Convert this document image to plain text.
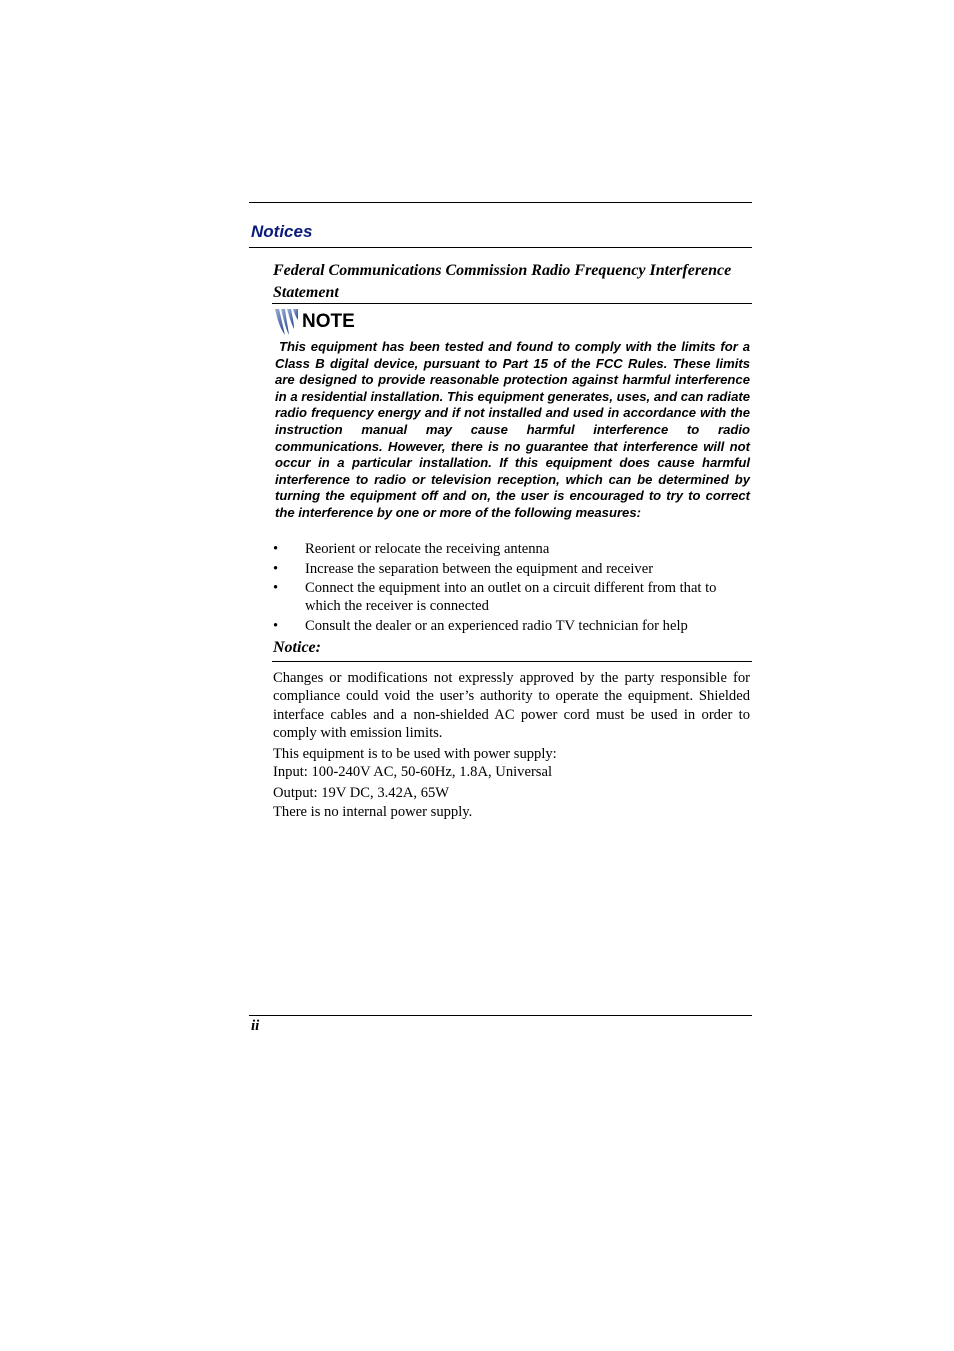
Notices
Federal Communications Commission Radio Frequency Interference Statement
NOTE
This equipment has been tested and found to comply with the limits for a Class B digital device, pursuant to Part 15 of the FCC Rules. These limits are designed to provide reasonable protection against harmful interference in a residential installation. This equipment generates, uses, and can radiate radio frequency energy and if not installed and used in accordance with the instruction manual may cause harmful interference to radio communications. However, there is no guarantee that interference will not occur in a particular installation. If this equipment does cause harmful interference to radio or television reception, which can be determined by turning the equipment off and on, the user is encouraged to try to correct the interference by one or more of the following measures:
• Reorient or relocate the receiving antenna
• Increase the separation between the equipment and receiver
• Connect the equipment into an outlet on a circuit different from that to which the receiver is connected
• Consult the dealer or an experienced radio TV technician for help
Notice:
Changes or modifications not expressly approved by the party responsible for compliance could void the user’s authority to operate the equipment. Shielded interface cables and a non-shielded AC power cord must be used in order to comply with emission limits.
This equipment is to be used with power supply:
Input: 100-240V AC, 50-60Hz, 1.8A, Universal
Output: 19V DC, 3.42A, 65W
There is no internal power supply.
ii
